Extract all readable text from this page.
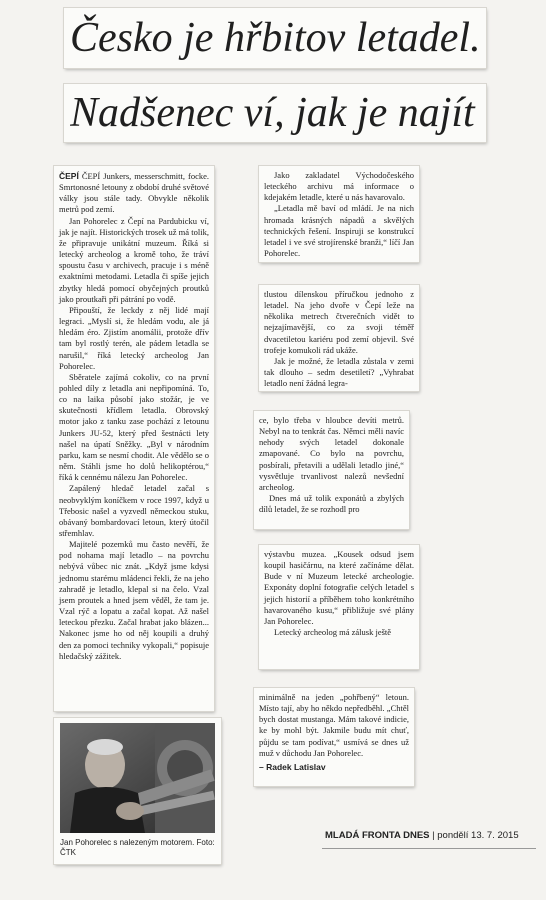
Česko je hřbitov letadel.
Nadšenec ví, jak je najít

ČEPÍ ČEPÍ Junkers, messerschmitt, focke. Smrtonosné letouny z období druhé světové války jsou stále tady. Obvykle několik metrů pod zemí.

Jan Pohorelec z Čepí na Pardubicku ví, jak je najít. Historických trosek už má tolik, že připravuje unikátní muzeum. Říká si letecký archeolog a kromě toho, že tráví spoustu času v archivech, pracuje i s méně exaktními metodami. Letadla či spíše jejich zbytky hledá pomocí obyčejných proutků jako proutkaři při pátrání po vodě.

Připouští, že leckdy z něj lidé mají legraci. „Myslí si, že hledám vodu, ale já hledám éro. Zjistím anomálii, protože dřív tam byl rostlý terén, ale pádem letadla se narušil,“ říká letecký archeolog Jan Pohorelec.

Sběratele zajímá cokoliv, co na první pohled díly z letadla ani nepřipomíná. To, co na laika působí jako stožár, je ve skutečnosti křídlem letadla. Obrovský motor jako z tanku zase pochází z letounu Junkers JU-52, který před šestnácti lety našel na úpatí Sněžky. „Byl v národním parku, kam se nesmí chodit. Ale vědělo se o něm. Stáhli jsme ho dolů helikoptérou,“ říká k cennému nálezu Jan Pohorelec.

Zapálený hledač letadel začal s neobvyklým koníčkem v roce 1997, když u Třebosic našel a vyzvedl německou stuku, obávaný bombardovací letoun, který útočil střemhlav.

Majitelé pozemků mu často nevěří, že pod nohama mají letadlo – na povrchu nebývá vůbec nic znát. „Když jsme kdysi jednomu starému mládenci řekli, že na jeho zahradě je letadlo, klepal si na čelo. Vzal jsem proutek a hned jsem věděl, že tam je. Vzal rýč a lopatu a začal kopat. Až našel leteckou přezku. Začal hrabat jako blázen... Nakonec jsme ho od něj koupili a druhý den za pomoci techniky vykopali,“ popisuje hledačský zážitek.

Jan Pohorelec s nalezeným motorem. Foto: ČTK

Jako zakladatel Východočeského leteckého archivu má informace o kdejakém letadle, které u nás havarovalo.

„Letadla mě baví od mládí. Je na nich hromada krásných nápadů a skvělých technických řešení. Inspiruji se konstrukcí letadel i ve své strojírenské branži,“ líčí Jan Pohorelec.

tlustou dílenskou příručkou jednoho z letadel. Na jeho dvoře v Čepí leže na několika metrech čtverečních vidět to nejzajímavější, co za svoji téměř dvacetiletou kariéru pod zemí objevil. Své trofeje komukoli rád ukáže.

Jak je možné, že letadla zůstala v zemi tak dlouho – sedm desetiletí? „Vyhrabat letadlo není žádná legra-

ce, bylo třeba v hloubce devíti metrů. Nebyl na to tenkrát čas. Němci měli navíc nehody svých letadel dokonale zmapované. Co bylo na povrchu, posbírali, přetavili a udělali letadlo jiné,“ vysvětluje trvanlivost nalezů nevšední archeolog.

Dnes má už tolik exponátů a zbylých dílů letadel, že se rozhodl pro

výstavbu muzea. „Kousek odsud jsem koupil hasičárnu, na které začínáme dělat. Bude v ní Muzeum letecké archeologie. Exponáty doplní fotografie celých letadel s jejich historií a příběhem toho konkrétního havarovaného kusu,“ přibližuje své plány Jan Pohorelec.

Letecký archeolog má zálusk ještě

minimálně na jeden „pohřbený“ letoun. Místo tají, aby ho někdo nepředběhl. „Chtěl bych dostat mustanga. Mám takové indicie, ke by mohl být. Jakmile budu mít chuť, půjdu se tam podívat,“ usmívá se dnes už muž v důchodu Jan Pohorelec.

– Radek Latislav

MLADÁ FRONTA DNES | pondělí 13. 7. 2015
